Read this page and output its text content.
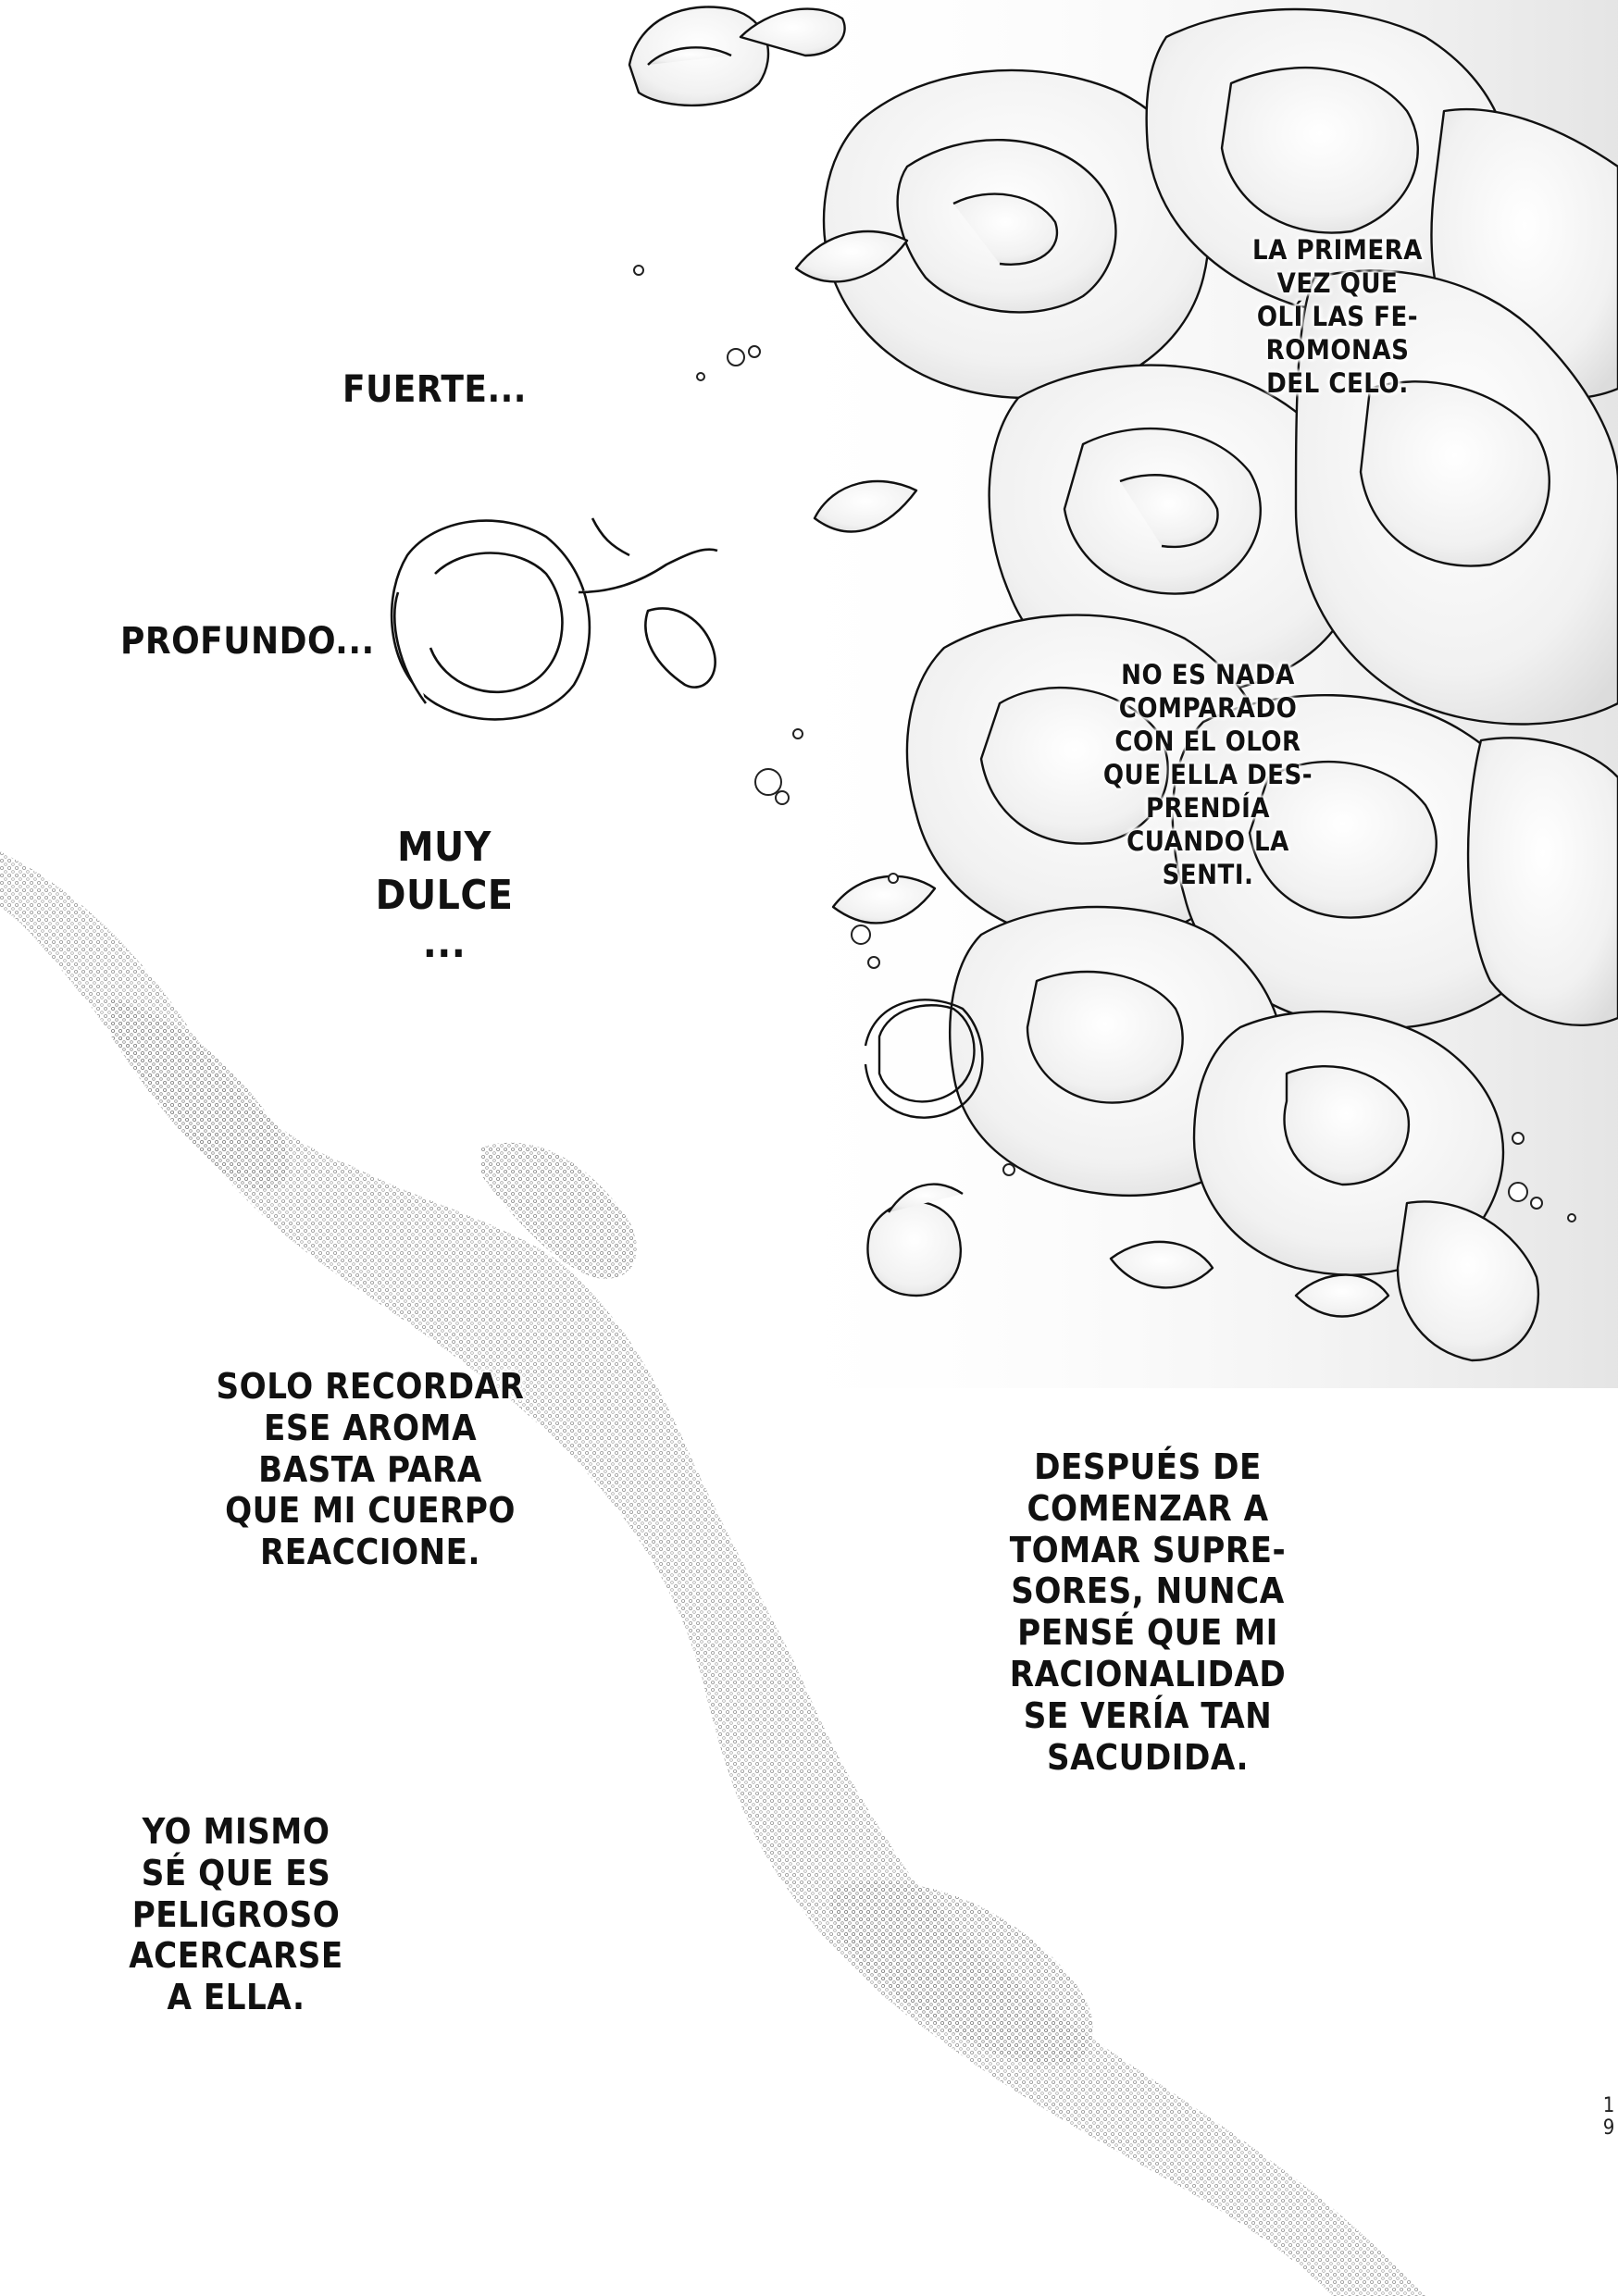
FUERTE...
PROFUNDO...
MUY
DULCE
...
LA PRIMERA
VEZ QUE
OLÍ LAS FE-
ROMONAS
DEL CELO.
NO ES NADA
COMPARADO
CON EL OLOR
QUE ELLA DES-
PRENDÍA
CUANDO LA
SENTI.
SOLO RECORDAR
ESE AROMA
BASTA PARA
QUE MI CUERPO
REACCIONE.
DESPUÉS DE
COMENZAR A
TOMAR SUPRE-
SORES, NUNCA
PENSÉ QUE MI
RACIONALIDAD
SE VERÍA TAN
SACUDIDA.
YO MISMO
SÉ QUE ES
PELIGROSO
ACERCARSE
A ELLA.
1
9
